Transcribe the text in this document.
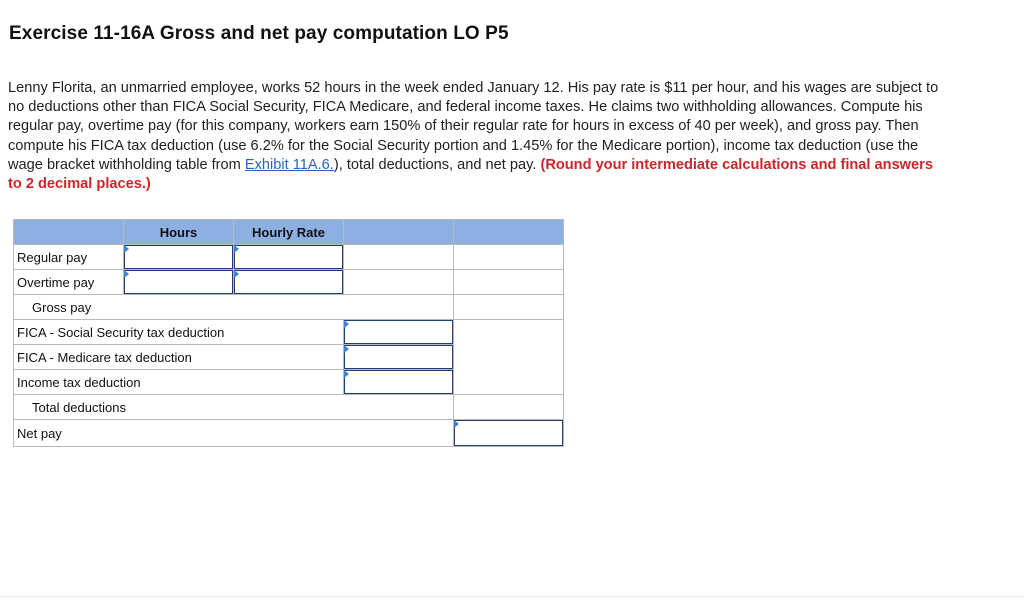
Exercise 11-16A Gross and net pay computation LO P5
Lenny Florita, an unmarried employee, works 52 hours in the week ended January 12. His pay rate is $11 per hour, and his wages are subject to no deductions other than FICA Social Security, FICA Medicare, and federal income taxes. He claims two withholding allowances. Compute his regular pay, overtime pay (for this company, workers earn 150% of their regular rate for hours in excess of 40 per week), and gross pay. Then compute his FICA tax deduction (use 6.2% for the Social Security portion and 1.45% for the Medicare portion), income tax deduction (use the wage bracket withholding table from Exhibit 11A.6.), total deductions, and net pay. (Round your intermediate calculations and final answers to 2 decimal places.)
	Hours	Hourly Rate		
Regular pay	

Overtime pay	

Gross pay				
FICA - Social Security tax deduction	

FICA - Medicare tax deduction	

Income tax deduction	

Total deductions				
Net pay	
